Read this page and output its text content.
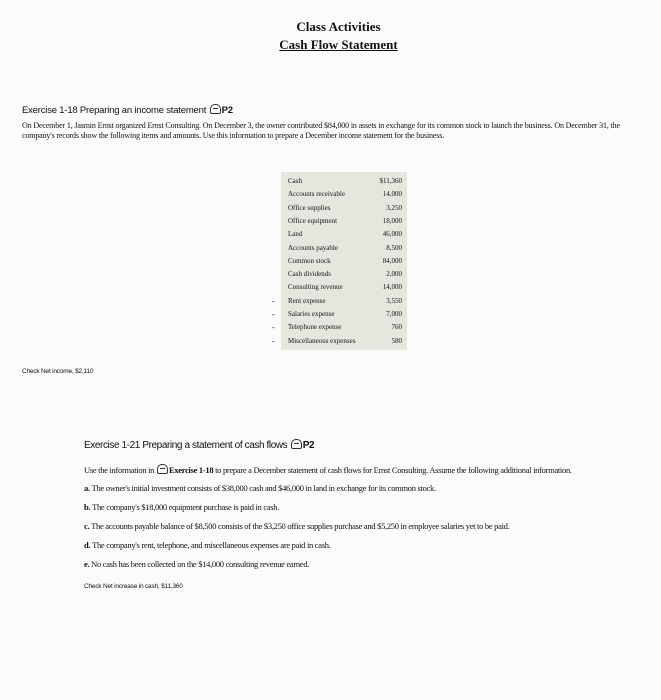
Class Activities
Cash Flow Statement
Exercise 1-18 Preparing an income statement P2
On December 1, Jasmin Ernst organized Ernst Consulting. On December 3, the owner contributed $84,000 in assets in exchange for its common stock to launch the business. On December 31, the company's records show the following items and amounts. Use this information to prepare a December income statement for the business.
Cash	$11,360
Accounts receivable	14,000
Office supplies	3,250
Office equipment	18,000
Land	46,000
Accounts payable	8,500
Common stock	84,000
Cash dividends	2,000
Consulting revenue	14,000
- Rent expense	3,550
- Salaries expense	7,000
- Telephone expense	760
- Miscellaneous expenses	580
Check Net income, $2,110
Exercise 1-21 Preparing a statement of cash flows P2
Use the information in Exercise 1-18 to prepare a December statement of cash flows for Ernst Consulting. Assume the following additional information.
a. The owner's initial investment consists of $38,000 cash and $46,000 in land in exchange for its common stock.
b. The company's $18,000 equipment purchase is paid in cash.
c. The accounts payable balance of $8,500 consists of the $3,250 office supplies purchase and $5,250 in employee salaries yet to be paid.
d. The company's rent, telephone, and miscellaneous expenses are paid in cash.
e. No cash has been collected on the $14,000 consulting revenue earned.
Check Net increase in cash, $11,360
